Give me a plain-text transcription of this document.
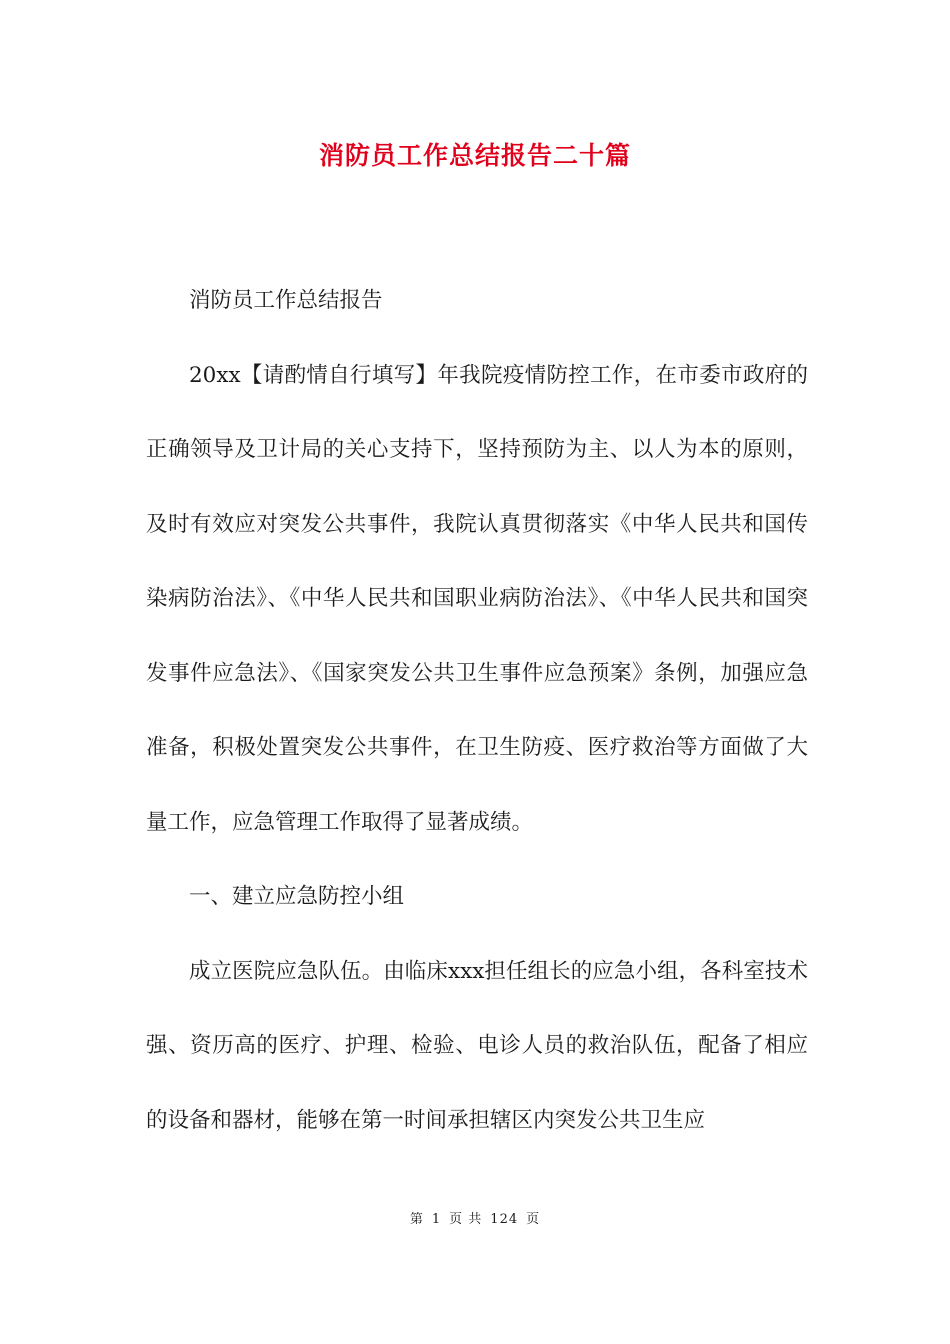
消防员工作总结报告二十篇

消防员工作总结报告

20xx【请酌情自行填写】年我院疫情防控工作，在市委市政府的正确领导及卫计局的关心支持下，坚持预防为主、以人为本的原则，及时有效应对突发公共事件，我院认真贯彻落实《中华人民共和国传染病防治法》、《中华人民共和国职业病防治法》、《中华人民共和国突发事件应急法》、《国家突发公共卫生事件应急预案》条例，加强应急准备，积极处置突发公共事件，在卫生防疫、医疗救治等方面做了大量工作，应急管理工作取得了显著成绩。

一、建立应急防控小组

成立医院应急队伍。由临床xxx担任组长的应急小组，各科室技术强、资历高的医疗、护理、检验、电诊人员的救治队伍，配备了相应的设备和器材，能够在第一时间承担辖区内突发公共卫生应

第 1 页 共 124 页
